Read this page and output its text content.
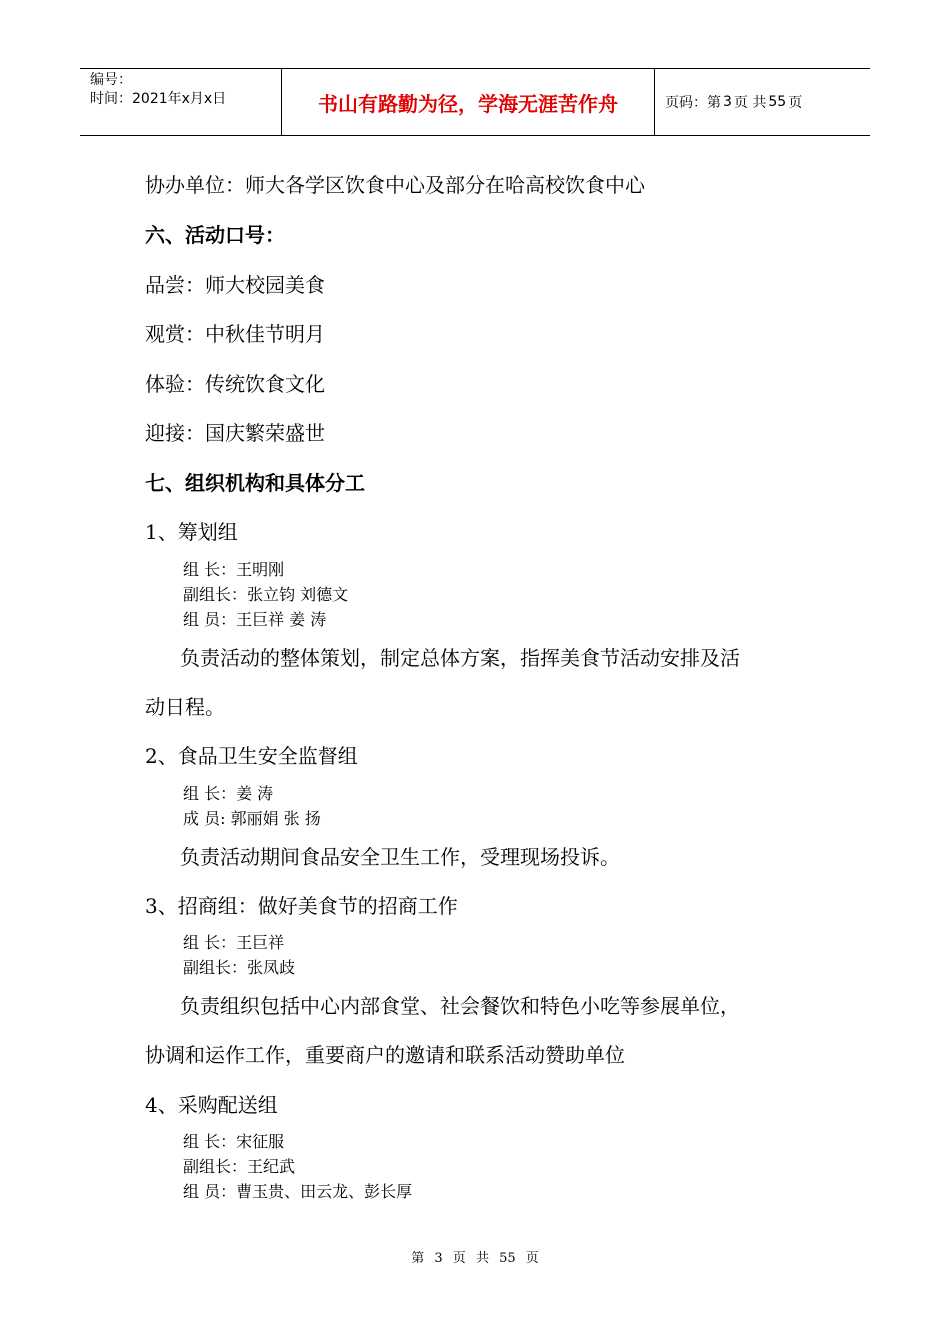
编号：
时间：2021年x月x日	书山有路勤为径，学海无涯苦作舟	页码：第 3 页 共 55 页
协办单位：师大各学区饮食中心及部分在哈高校饮食中心
六、活动口号：
品尝：师大校园美食
观赏：中秋佳节明月
体验：传统饮食文化
迎接：国庆繁荣盛世
七、组织机构和具体分工
1、筹划组
组 长：王明刚
副组长：张立钧 刘德文
组 员：王巨祥 姜 涛
负责活动的整体策划，制定总体方案，指挥美食节活动安排及活
动日程。
2、食品卫生安全监督组
组 长：姜 涛
成 员: 郭丽娟 张 扬
负责活动期间食品安全卫生工作，受理现场投诉。
3、招商组：做好美食节的招商工作
组 长：王巨祥
副组长：张凤歧
负责组织包括中心内部食堂、社会餐饮和特色小吃等参展单位，
协调和运作工作，重要商户的邀请和联系活动赞助单位
4、采购配送组
组 长：宋征服
副组长：王纪武
组 员：曹玉贵、田云龙、彭长厚
第 3 页 共 55 页
